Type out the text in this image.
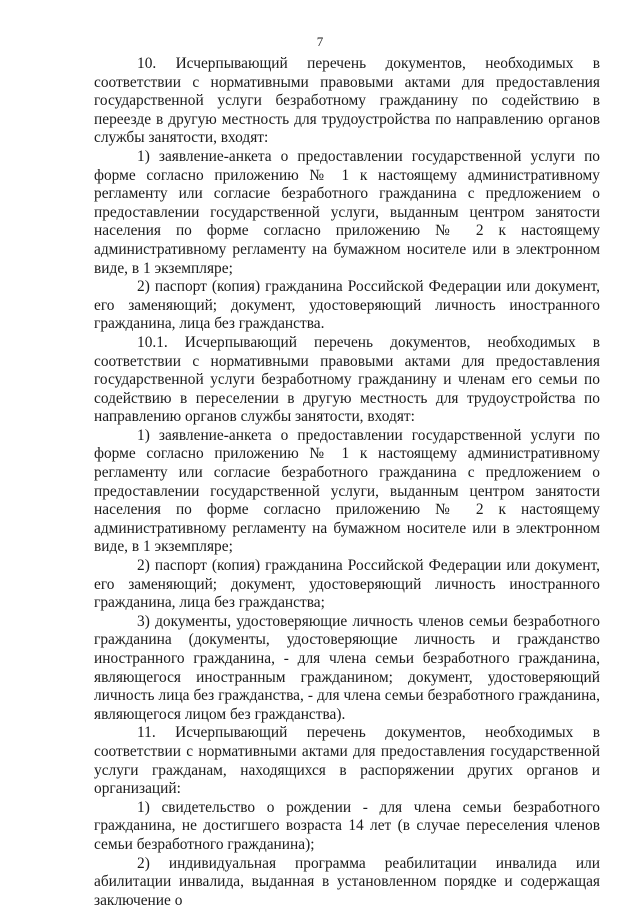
7

10. Исчерпывающий перечень документов, необходимых в соответствии с нормативными правовыми актами для предоставления государственной услуги безработному гражданину по содействию в переезде в другую местность для трудоустройства по направлению органов службы занятости, входят:

1) заявление-анкета о предоставлении государственной услуги по форме согласно приложению № 1 к настоящему административному регламенту или согласие безработного гражданина с предложением о предоставлении государственной услуги, выданным центром занятости населения по форме согласно приложению № 2 к настоящему административному регламенту на бумажном носителе или в электронном виде, в 1 экземпляре;

2) паспорт (копия) гражданина Российской Федерации или документ, его заменяющий; документ, удостоверяющий личность иностранного гражданина, лица без гражданства.

10.1. Исчерпывающий перечень документов, необходимых в соответствии с нормативными правовыми актами для предоставления государственной услуги безработному гражданину и членам его семьи по содействию в переселении в другую местность для трудоустройства по направлению органов службы занятости, входят:

1) заявление-анкета о предоставлении государственной услуги по форме согласно приложению № 1 к настоящему административному регламенту или согласие безработного гражданина с предложением о предоставлении государственной услуги, выданным центром занятости населения по форме согласно приложению № 2 к настоящему административному регламенту на бумажном носителе или в электронном виде, в 1 экземпляре;

2) паспорт (копия) гражданина Российской Федерации или документ, его заменяющий; документ, удостоверяющий личность иностранного гражданина, лица без гражданства;

3) документы, удостоверяющие личность членов семьи безработного гражданина (документы, удостоверяющие личность и гражданство иностранного гражданина, - для члена семьи безработного гражданина, являющегося иностранным гражданином; документ, удостоверяющий личность лица без гражданства, - для члена семьи безработного гражданина, являющегося лицом без гражданства).

11. Исчерпывающий перечень документов, необходимых в соответствии с нормативными актами для предоставления государственной услуги гражданам, находящихся в распоряжении других органов и организаций:

1) свидетельство о рождении - для члена семьи безработного гражданина, не достигшего возраста 14 лет (в случае переселения членов семьи безработного гражданина);

2) индивидуальная программа реабилитации инвалида или абилитации инвалида, выданная в установленном порядке и содержащая заключение о
